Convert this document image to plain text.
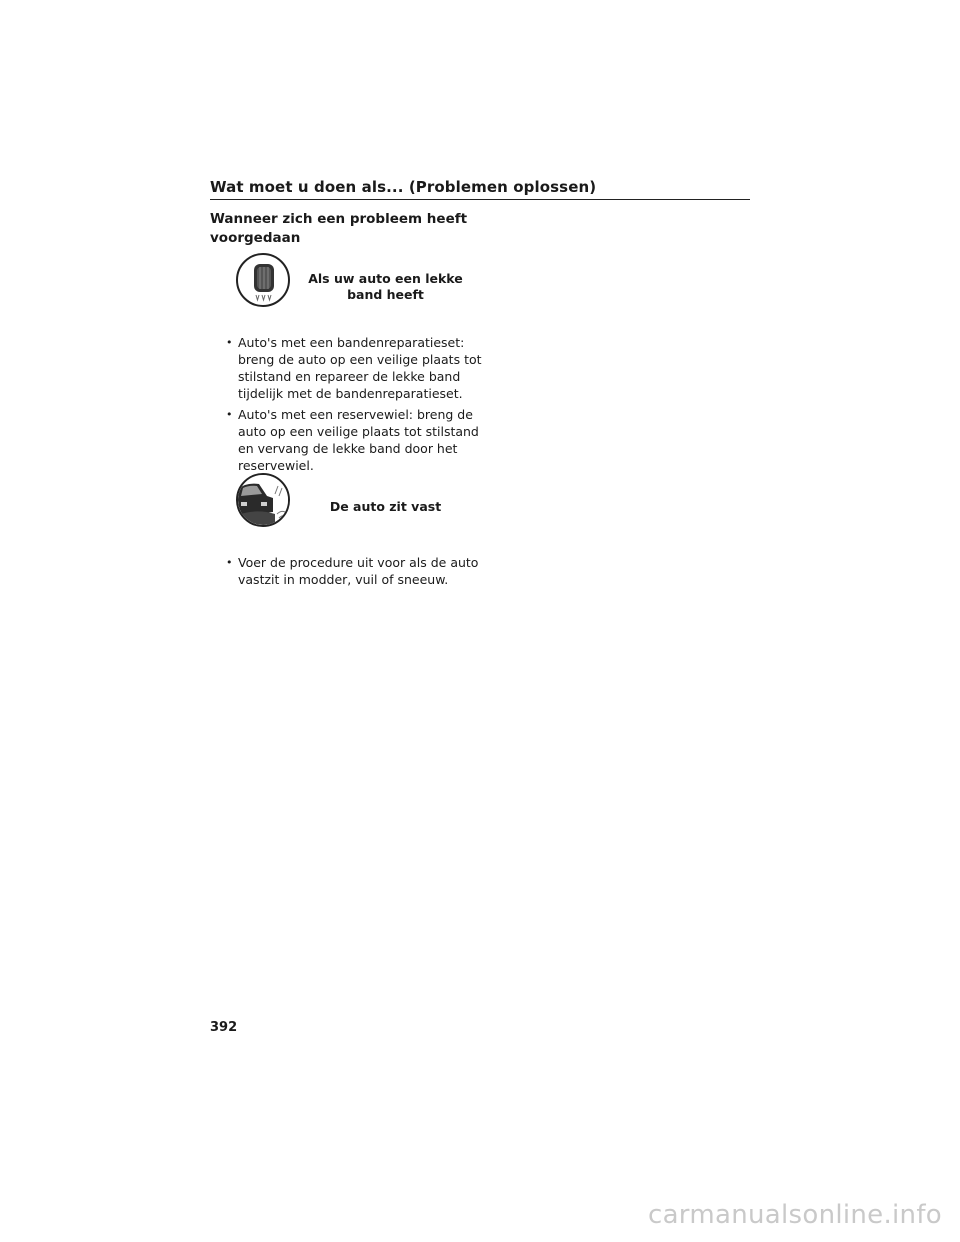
Wat moet u doen als... (Problemen oplossen)
Wanneer zich een probleem heeft voorgedaan
Als uw auto een lekke band heeft
• Auto's met een bandenreparatieset: breng de auto op een veilige plaats tot stilstand en repareer de lekke band tijdelijk met de bandenreparatieset.
• Auto's met een reservewiel: breng de auto op een veilige plaats tot stilstand en vervang de lekke band door het reservewiel.
De auto zit vast
• Voer de procedure uit voor als de auto vastzit in modder, vuil of sneeuw.
392
carmanualsonline.info
